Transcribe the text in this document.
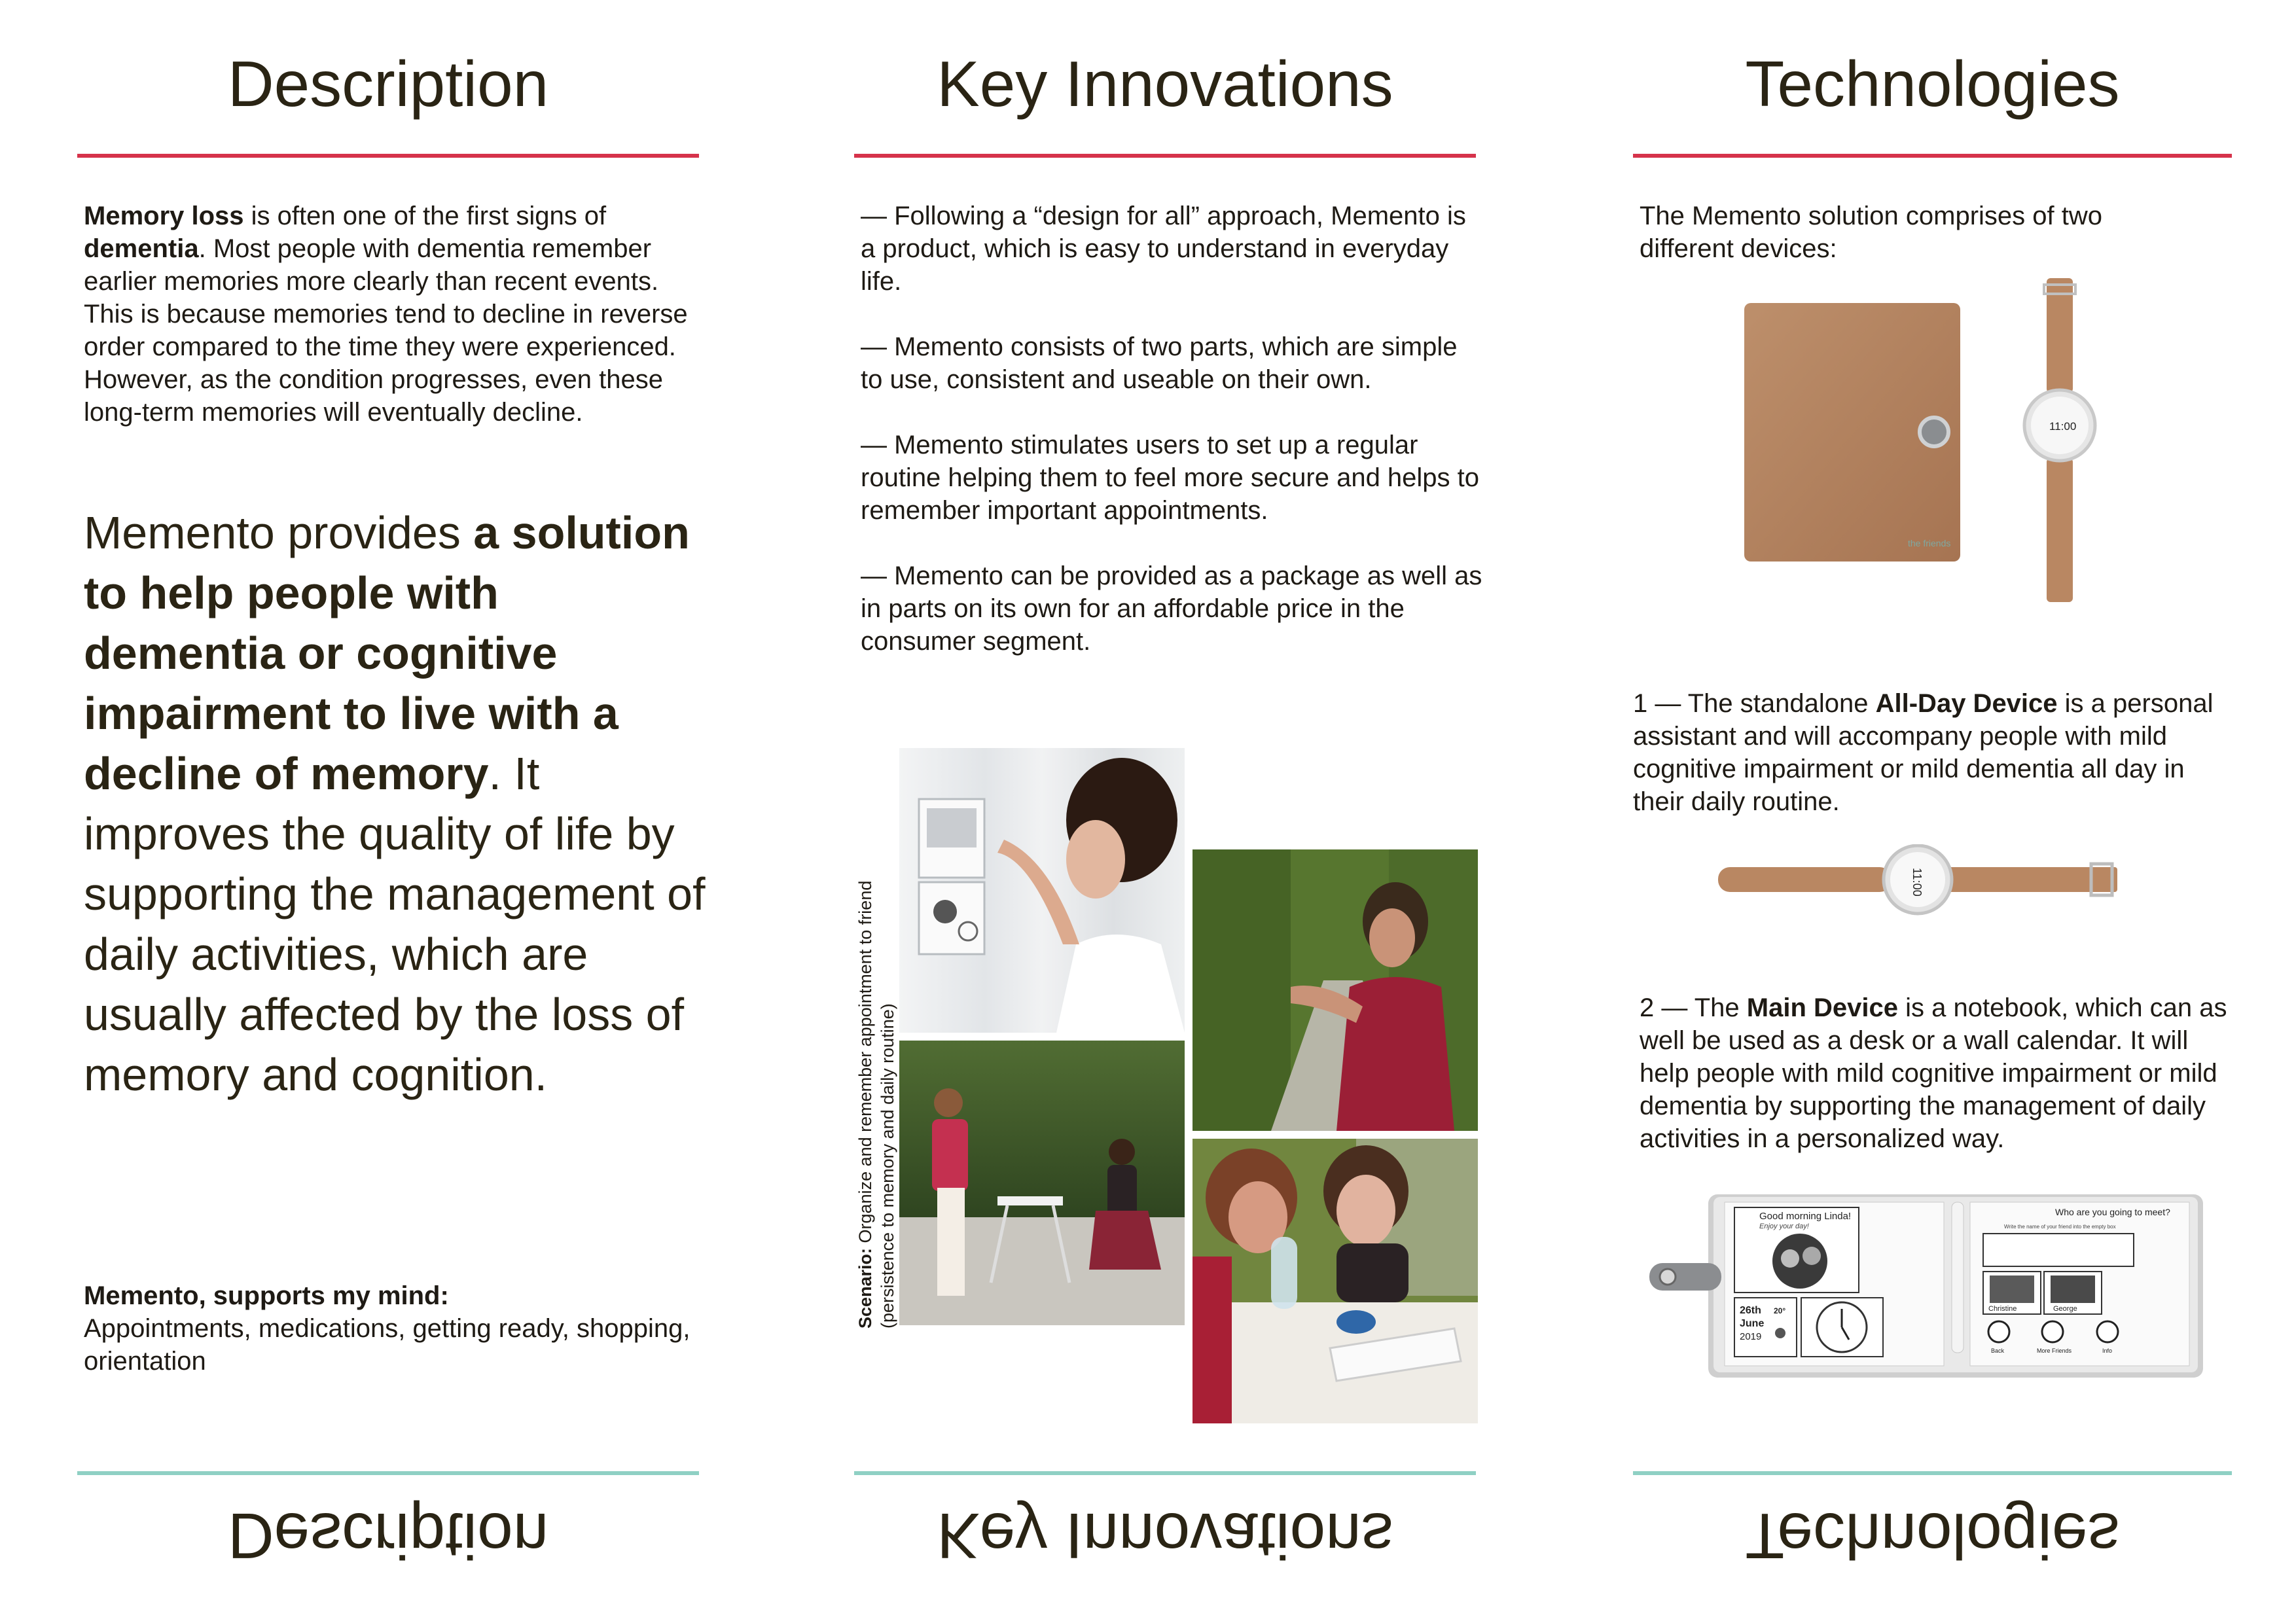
Description
Memory loss is often one of the first signs of dementia. Most people with dementia remember earlier memories more clearly than recent events. This is because memories tend to decline in reverse order compared to the time they were experienced. However, as the condition progresses, even these long-term memories will eventually decline.
Memento provides a solution to help people with dementia or cognitive impairment to live with a decline of memory. It improves the quality of life by supporting the management of daily activities, which are usually affected by the loss of memory and cognition.
Memento, supports my mind:
Appointments, medications, getting ready, shopping, orientation
Description
Key Innovations

— Following a “design for all” approach, Memento is a product, which is easy to understand in everyday life.

— Memento consists of two parts, which are simple to use, consistent and useable on their own.

— Memento stimulates users to set up a regular routine helping them to feel more secure and helps to remember important appointments.

— Memento can be provided as a package as well as in parts on its own for an affordable price in the consumer segment.

Scenario: Organize and remember appointment to friend (persistence to memory and daily routine)
Key Innovations
Technologies
The Memento solution comprises of two different devices:
the friends
11:00
1 — The standalone All-Day Device is a personal assistant and will accompany people with mild cognitive impairment or mild dementia all day in their daily routine.
11:00
2 — The Main Device is a notebook, which can as well be used as a desk or a wall calendar. It will help people with mild cognitive impairment or mild dementia by supporting the management of daily activities in a personalized way.
Good morning Linda!
Enjoy your day!
26th
June
2019
20°
Who are you going to meet?
Write the name of your friend into the empty box
Christine	George
Back	More Friends	Info
Technologies
